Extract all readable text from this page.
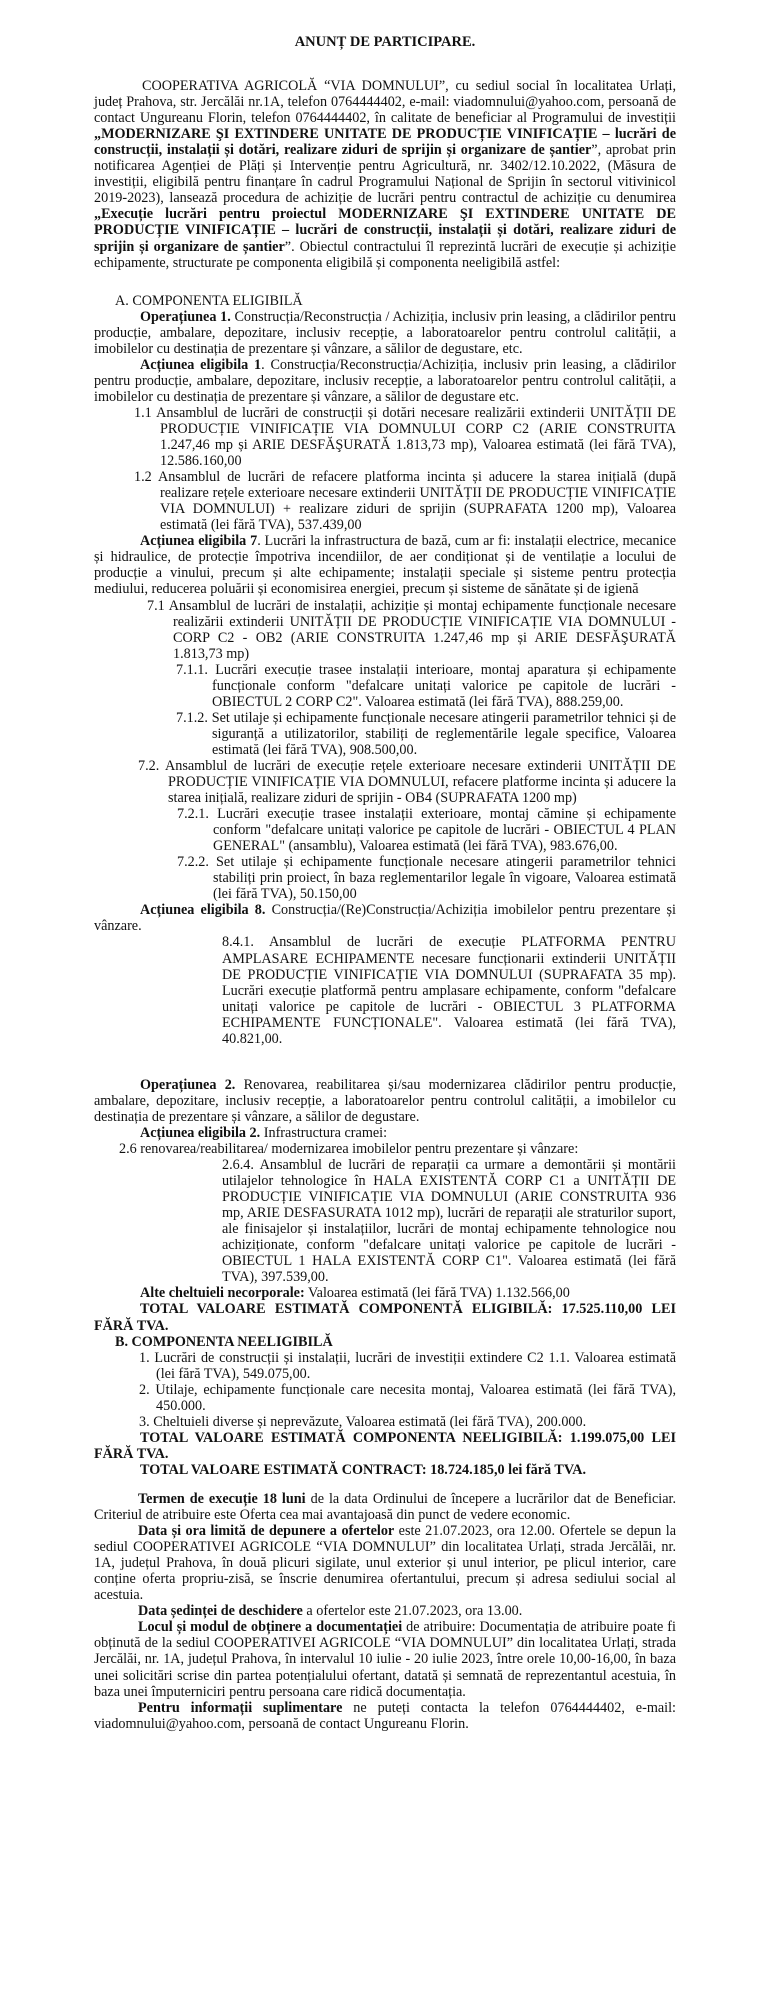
ANUNȚ DE PARTICIPARE.

COOPERATIVA AGRICOLĂ “VIA DOMNULUI”, cu sediul social în localitatea Urlați, județ Prahova, str. Jercălăi nr.1A, telefon 0764444402, e-mail: viadomnului@yahoo.com, persoană de contact Ungureanu Florin, telefon 0764444402, în calitate de beneficiar al Programului de investiții „MODERNIZARE ŞI EXTINDERE UNITATE DE PRODUCȚIE VINIFICAȚIE – lucrări de construcții, instalații și dotări, realizare ziduri de sprijin și organizare de șantier”, aprobat prin notificarea Agenției de Plăți și Intervenție pentru Agricultură, nr. 3402/12.10.2022, (Măsura de investiții, eligibilă pentru finanțare în cadrul Programului Național de Sprijin în sectorul vitivinicol 2019-2023), lansează procedura de achiziție de lucrări pentru contractul de achiziție cu denumirea „Execuție lucrări pentru proiectul MODERNIZARE ŞI EXTINDERE UNITATE DE PRODUCȚIE VINIFICAȚIE – lucrări de construcții, instalații și dotări, realizare ziduri de sprijin și organizare de șantier”. Obiectul contractului îl reprezintă lucrări de execuție și achiziție echipamente, structurate pe componenta eligibilă și componenta neeligibilă astfel:

A. COMPONENTA ELIGIBILĂ

Operațiunea 1. Construcția/Reconstrucția / Achiziția, inclusiv prin leasing, a clădirilor pentru producție, ambalare, depozitare, inclusiv recepție, a laboratoarelor pentru controlul calității, a imobilelor cu destinația de prezentare și vânzare, a sălilor de degustare, etc.

Acțiunea eligibila 1. Construcția/Reconstrucția/Achiziția, inclusiv prin leasing, a clădirilor pentru producție, ambalare, depozitare, inclusiv recepție, a laboratoarelor pentru controlul calității, a imobilelor cu destinația de prezentare și vânzare, a sălilor de degustare etc.

1.1 Ansamblul de lucrări de construcții și dotări necesare realizării extinderii UNITĂȚII DE PRODUCȚIE VINIFICAȚIE VIA DOMNULUI CORP C2 (ARIE CONSTRUITA 1.247,46 mp și ARIE DESFĂŞURATĂ 1.813,73 mp), Valoarea estimată (lei fără TVA), 12.586.160,00

1.2 Ansamblul de lucrări de refacere platforma incinta și aducere la starea inițială (după realizare rețele exterioare necesare extinderii UNITĂȚII DE PRODUCȚIE VINIFICAȚIE VIA DOMNULUI) + realizare ziduri de sprijin (SUPRAFATA 1200 mp), Valoarea estimată (lei fără TVA), 537.439,00

Acțiunea eligibila 7. Lucrări la infrastructura de bază, cum ar fi: instalații electrice, mecanice și hidraulice, de protecție împotriva incendiilor, de aer condiționat și de ventilație a locului de producție a vinului, precum și alte echipamente; instalații speciale și sisteme pentru protecția mediului, reducerea poluării și economisirea energiei, precum și sisteme de sănătate și de igienă

7.1 Ansamblul de lucrări de instalații, achiziție și montaj echipamente funcționale necesare realizării extinderii UNITĂȚII DE PRODUCȚIE VINIFICAȚIE VIA DOMNULUI - CORP C2 - OB2 (ARIE CONSTRUITA 1.247,46 mp și ARIE DESFĂŞURATĂ 1.813,73 mp)

7.1.1. Lucrări execuție trasee instalații interioare, montaj aparatura și echipamente funcționale conform "defalcare unitați valorice pe capitole de lucrări - OBIECTUL 2 CORP C2". Valoarea estimată (lei fără TVA), 888.259,00.

7.1.2. Set utilaje și echipamente funcționale necesare atingerii parametrilor tehnici și de siguranță a utilizatorilor, stabiliți de reglementările legale specifice, Valoarea estimată (lei fără TVA), 908.500,00.

7.2. Ansamblul de lucrări de execuție rețele exterioare necesare extinderii UNITĂȚII DE PRODUCȚIE VINIFICAȚIE VIA DOMNULUI, refacere platforme incinta și aducere la starea inițială, realizare ziduri de sprijin - OB4 (SUPRAFATA 1200 mp)

7.2.1. Lucrări execuție trasee instalații exterioare, montaj cămine și echipamente conform "defalcare unitați valorice pe capitole de lucrări - OBIECTUL 4 PLAN GENERAL" (ansamblu), Valoarea estimată (lei fără TVA), 983.676,00.

7.2.2. Set utilaje și echipamente funcționale necesare atingerii parametrilor tehnici stabiliți prin proiect, în baza reglementarilor legale în vigoare, Valoarea estimată (lei fără TVA), 50.150,00

Acțiunea eligibila 8. Construcția/(Re)Construcția/Achiziția imobilelor pentru prezentare și vânzare.

8.4.1. Ansamblul de lucrări de execuție PLATFORMA PENTRU AMPLASARE ECHIPAMENTE necesare funcționarii extinderii UNITĂȚII DE PRODUCȚIE VINIFICAȚIE VIA DOMNULUI (SUPRAFATA 35 mp). Lucrări execuție platformă pentru amplasare echipamente, conform "defalcare unitați valorice pe capitole de lucrări - OBIECTUL 3 PLATFORMA ECHIPAMENTE FUNCȚIONALE". Valoarea estimată (lei fără TVA), 40.821,00.

Operațiunea 2. Renovarea, reabilitarea și/sau modernizarea clădirilor pentru producție, ambalare, depozitare, inclusiv recepție, a laboratoarelor pentru controlul calității, a imobilelor cu destinația de prezentare și vânzare, a sălilor de degustare.

Acțiunea eligibila 2. Infrastructura cramei:

2.6 renovarea/reabilitarea/ modernizarea imobilelor pentru prezentare și vânzare:

2.6.4. Ansamblul de lucrări de reparații ca urmare a demontării și montării utilajelor tehnologice în HALA EXISTENTĂ CORP C1 a UNITĂȚII DE PRODUCȚIE VINIFICAȚIE VIA DOMNULUI (ARIE CONSTRUITA 936 mp, ARIE DESFASURATA 1012 mp), lucrări de reparații ale straturilor suport, ale finisajelor și instalațiilor, lucrări de montaj echipamente tehnologice nou achiziționate, conform "defalcare unitați valorice pe capitole de lucrări - OBIECTUL 1 HALA EXISTENTĂ CORP C1". Valoarea estimată (lei fără TVA), 397.539,00.

Alte cheltuieli necorporale: Valoarea estimată (lei fără TVA) 1.132.566,00

TOTAL VALOARE ESTIMATĂ COMPONENTĂ ELIGIBILĂ: 17.525.110,00 LEI FĂRĂ TVA.

B. COMPONENTA NEELIGIBILĂ

1. Lucrări de construcții și instalații, lucrări de investiții extindere C2 1.1. Valoarea estimată (lei fără TVA), 549.075,00.

2. Utilaje, echipamente funcționale care necesita montaj, Valoarea estimată (lei fără TVA), 450.000.

3. Cheltuieli diverse și neprevăzute, Valoarea estimată (lei fără TVA), 200.000.

TOTAL VALOARE ESTIMATĂ COMPONENTA NEELIGIBILĂ: 1.199.075,00 LEI FĂRĂ TVA.

TOTAL VALOARE ESTIMATĂ CONTRACT: 18.724.185,0 lei fără TVA.

Termen de execuție 18 luni de la data Ordinului de începere a lucrărilor dat de Beneficiar. Criteriul de atribuire este Oferta cea mai avantajoasă din punct de vedere economic.

Data și ora limită de depunere a ofertelor este 21.07.2023, ora 12.00. Ofertele se depun la sediul COOPERATIVEI AGRICOLE “VIA DOMNULUI” din localitatea Urlați, strada Jercălăi, nr. 1A, județul Prahova, în două plicuri sigilate, unul exterior și unul interior, pe plicul interior, care conține oferta propriu-zisă, se înscrie denumirea ofertantului, precum și adresa sediului social al acestuia.

Data ședinței de deschidere a ofertelor este 21.07.2023, ora 13.00.

Locul și modul de obținere a documentației de atribuire: Documentația de atribuire poate fi obținută de la sediul COOPERATIVEI AGRICOLE “VIA DOMNULUI” din localitatea Urlați, strada Jercălăi, nr. 1A, județul Prahova, în intervalul 10 iulie - 20 iulie 2023, între orele 10,00-16,00, în baza unei solicitări scrise din partea potențialului ofertant, datată și semnată de reprezentantul acestuia, în baza unei împuterniciri pentru persoana care ridică documentația.

Pentru informații suplimentare ne puteți contacta la telefon 0764444402, e-mail: viadomnului@yahoo.com, persoană de contact Ungureanu Florin.
